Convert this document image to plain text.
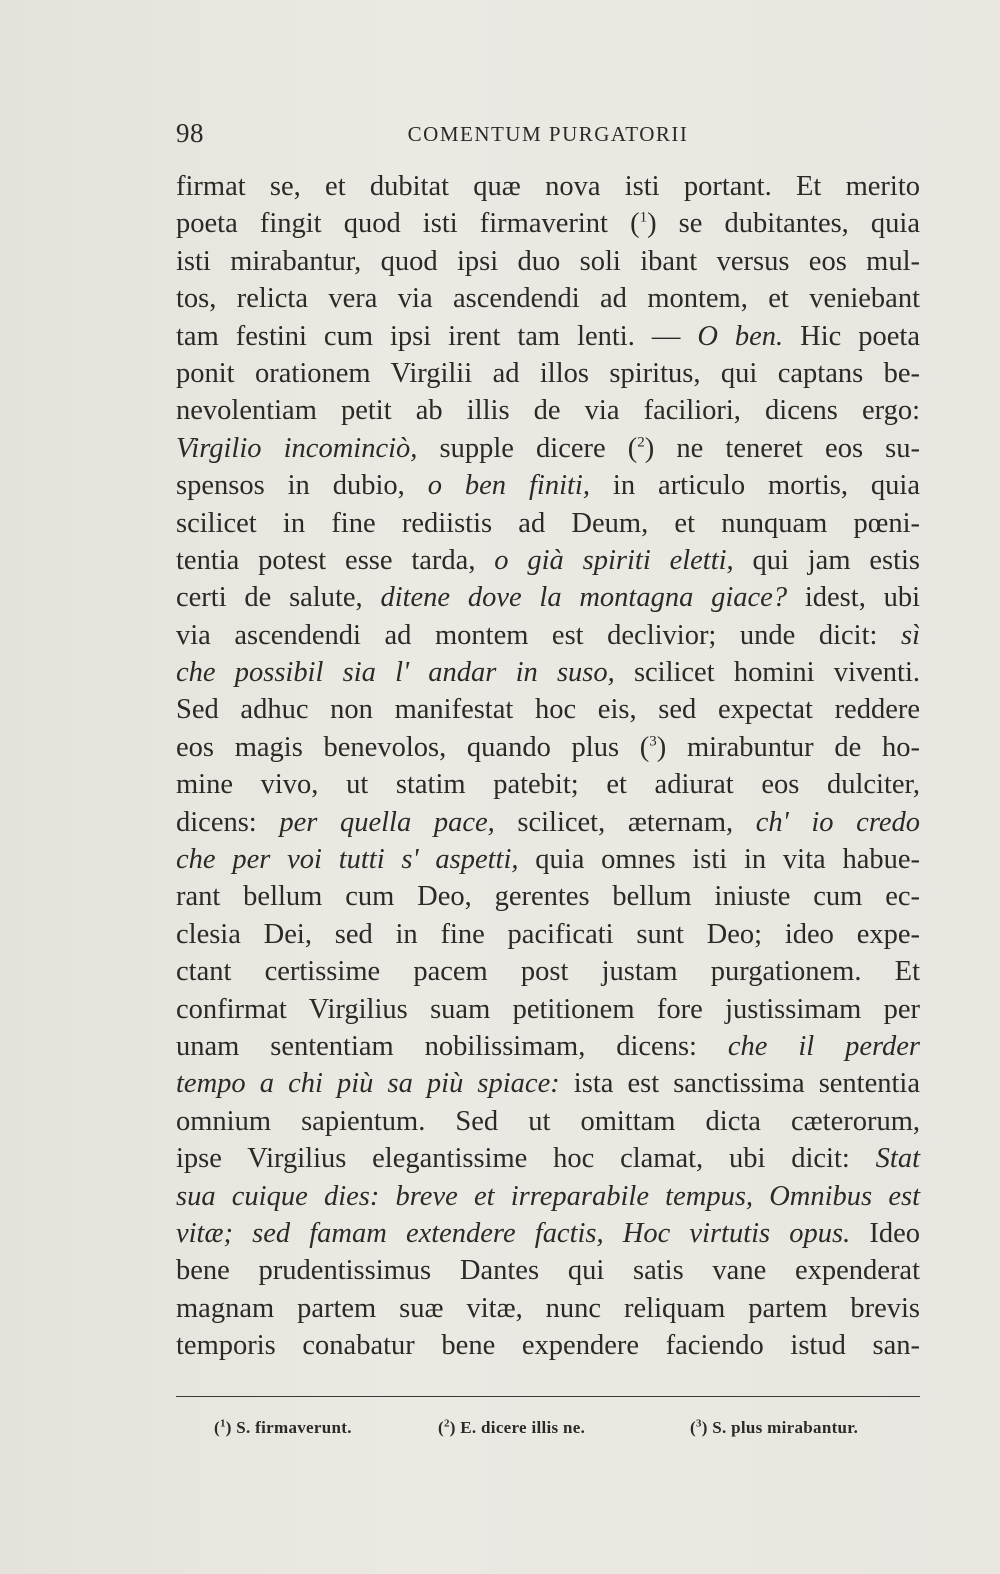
98	COMENTUM PURGATORII
firmat se, et dubitat quæ nova isti portant. Et merito
poeta fingit quod isti firmaverint ($^1$) se dubitantes, quia
isti mirabantur, quod ipsi duo soli ibant versus eos mul-
tos, relicta vera via ascendendi ad montem, et veniebant
tam festini cum ipsi irent tam lenti. — O ben. Hic poeta
ponit orationem Virgilii ad illos spiritus, qui captans be-
nevolentiam petit ab illis de via faciliori, dicens ergo:
Virgilio incominciò, supple dicere ($^2$) ne teneret eos su-
spensos in dubio, o ben finiti, in articulo mortis, quia
scilicet in fine rediistis ad Deum, et nunquam pœni-
tentia potest esse tarda, o già spiriti eletti, qui jam estis
certi de salute, ditene dove la montagna giace? idest, ubi
via ascendendi ad montem est declivior; unde dicit: sì
che possibil sia l' andar in suso, scilicet homini viventi.
Sed adhuc non manifestat hoc eis, sed expectat reddere
eos magis benevolos, quando plus ($^3$) mirabuntur de ho-
mine vivo, ut statim patebit; et adiurat eos dulciter,
dicens: per quella pace, scilicet, æternam, ch' io credo
che per voi tutti s' aspetti, quia omnes isti in vita habue-
rant bellum cum Deo, gerentes bellum iniuste cum ec-
clesia Dei, sed in fine pacificati sunt Deo; ideo expe-
ctant certissime pacem post justam purgationem. Et
confirmat Virgilius suam petitionem fore justissimam per
unam sententiam nobilissimam, dicens: che il perder
tempo a chi più sa più spiace: ista est sanctissima sententia
omnium sapientum. Sed ut omittam dicta cæterorum,
ipse Virgilius elegantissime hoc clamat, ubi dicit: Stat
sua cuique dies: breve et irreparabile tempus, Omnibus est
vitæ; sed famam extendere factis, Hoc virtutis opus. Ideo
bene prudentissimus Dantes qui satis vane expenderat
magnam partem suæ vitæ, nunc reliquam partem brevis
temporis conabatur bene expendere faciendo istud san-
($^1$) S. firmaverunt.	($^2$) E. dicere illis ne.	($^3$) S. plus mirabantur.
